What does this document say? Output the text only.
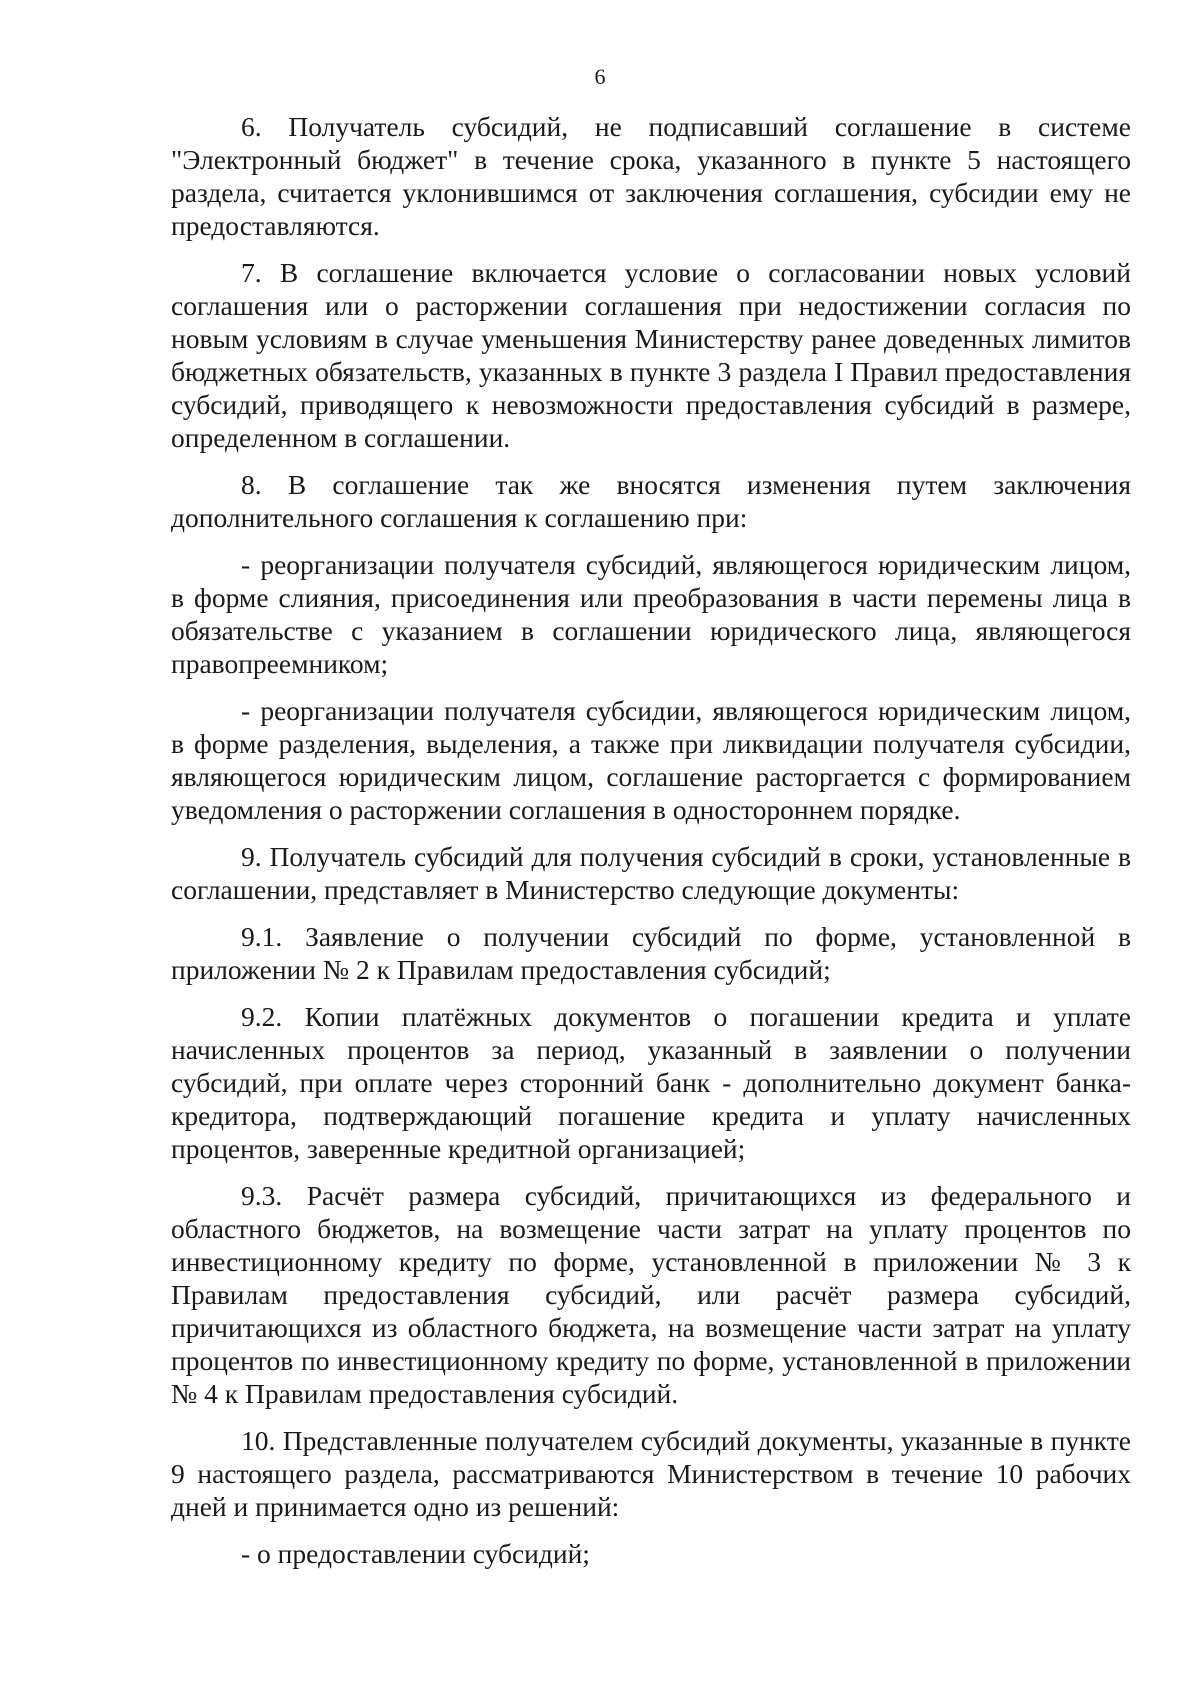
6

6. Получатель субсидий, не подписавший соглашение в системе "Электронный бюджет" в течение срока, указанного в пункте 5 настоящего раздела, считается уклонившимся от заключения соглашения, субсидии ему не предоставляются.

7. В соглашение включается условие о согласовании новых условий соглашения или о расторжении соглашения при недостижении согласия по новым условиям в случае уменьшения Министерству ранее доведенных лимитов бюджетных обязательств, указанных в пункте 3 раздела I Правил предоставления субсидий, приводящего к невозможности предоставления субсидий в размере, определенном в соглашении.

8. В соглашение так же вносятся изменения путем заключения дополнительного соглашения к соглашению при:

- реорганизации получателя субсидий, являющегося юридическим лицом, в форме слияния, присоединения или преобразования в части перемены лица в обязательстве с указанием в соглашении юридического лица, являющегося правопреемником;

- реорганизации получателя субсидии, являющегося юридическим лицом, в форме разделения, выделения, а также при ликвидации получателя субсидии, являющегося юридическим лицом, соглашение расторгается с формированием уведомления о расторжении соглашения в одностороннем порядке.

9. Получатель субсидий для получения субсидий в сроки, установленные в соглашении, представляет в Министерство следующие документы:

9.1. Заявление о получении субсидий по форме, установленной в приложении № 2 к Правилам предоставления субсидий;

9.2. Копии платёжных документов о погашении кредита и уплате начисленных процентов за период, указанный в заявлении о получении субсидий, при оплате через сторонний банк - дополнительно документ банка-кредитора, подтверждающий погашение кредита и уплату начисленных процентов, заверенные кредитной организацией;

9.3. Расчёт размера субсидий, причитающихся из федерального и областного бюджетов, на возмещение части затрат на уплату процентов по инвестиционному кредиту по форме, установленной в приложении № 3 к Правилам предоставления субсидий, или расчёт размера субсидий, причитающихся из областного бюджета, на возмещение части затрат на уплату процентов по инвестиционному кредиту по форме, установленной в приложении № 4 к Правилам предоставления субсидий.

10. Представленные получателем субсидий документы, указанные в пункте 9 настоящего раздела, рассматриваются Министерством в течение 10 рабочих дней и принимается одно из решений:

- о предоставлении субсидий;
